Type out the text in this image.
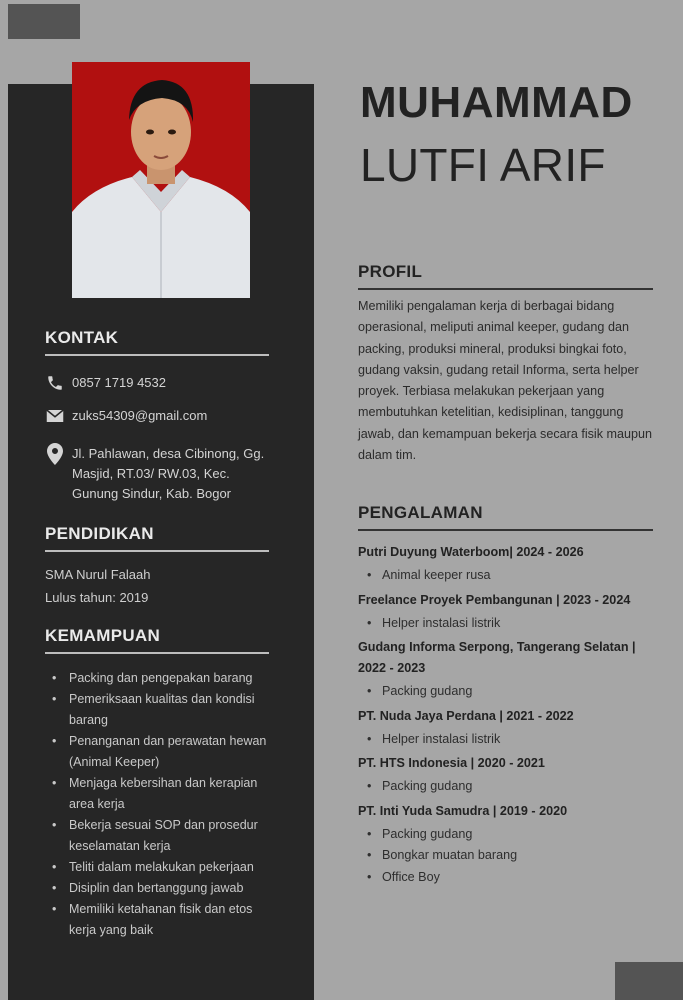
KONTAK
0857 1719 4532
zuks54309@gmail.com
Jl. Pahlawan, desa Cibinong, Gg. Masjid, RT.03/ RW.03, Kec. Gunung Sindur, Kab. Bogor
PENDIDIKAN
SMA Nurul Falaah
Lulus tahun: 2019
KEMAMPUAN
• Packing dan pengepakan barang
• Pemeriksaan kualitas dan kondisi barang
• Penanganan dan perawatan hewan (Animal Keeper)
• Menjaga kebersihan dan kerapian area kerja
• Bekerja sesuai SOP dan prosedur keselamatan kerja
• Teliti dalam melakukan pekerjaan
• Disiplin dan bertanggung jawab
• Memiliki ketahanan fisik dan etos kerja yang baik
MUHAMMAD
LUTFI ARIF
PROFIL
Memiliki pengalaman kerja di berbagai bidang operasional, meliputi animal keeper, gudang dan packing, produksi mineral, produksi bingkai foto, gudang vaksin, gudang retail Informa, serta helper proyek. Terbiasa melakukan pekerjaan yang membutuhkan ketelitian, kedisiplinan, tanggung jawab, dan kemampuan bekerja secara fisik maupun dalam tim.
PENGALAMAN
Putri Duyung Waterboom| 2024 - 2026
• Animal keeper rusa
Freelance Proyek Pembangunan | 2023 - 2024
• Helper instalasi listrik
Gudang Informa Serpong, Tangerang Selatan | 2022 - 2023
• Packing gudang
PT. Nuda Jaya Perdana | 2021 - 2022
• Helper instalasi listrik
PT. HTS Indonesia | 2020 - 2021
• Packing gudang
PT. Inti Yuda Samudra | 2019 - 2020
• Packing gudang
• Bongkar muatan barang
• Office Boy
